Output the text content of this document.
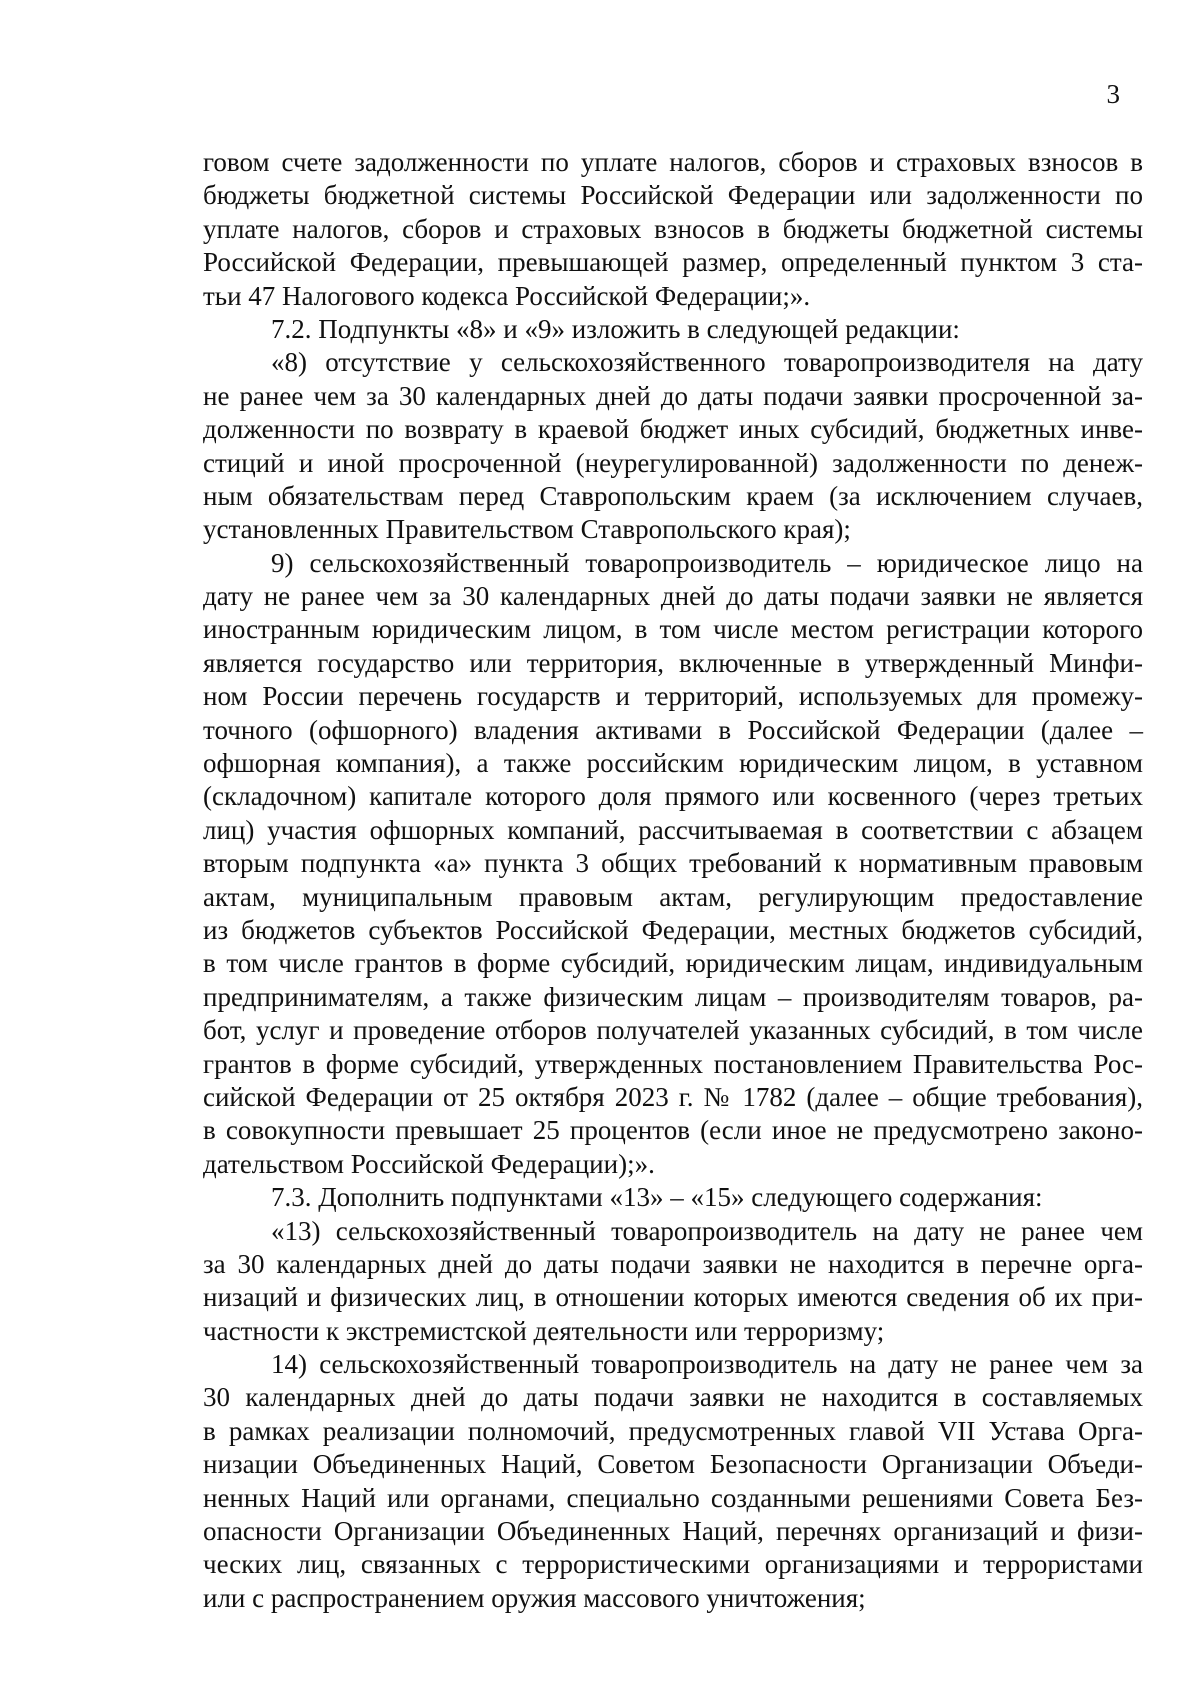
3
говом счете задолженности по уплате налогов, сборов и страховых взносов в
бюджеты бюджетной системы Российской Федерации или задолженности по
уплате налогов, сборов и страховых взносов в бюджеты бюджетной системы
Российской Федерации, превышающей размер, определенный пунктом 3 ста-
тьи 47 Налогового кодекса Российской Федерации;».
7.2. Подпункты «8» и «9» изложить в следующей редакции:
«8) отсутствие у сельскохозяйственного товаропроизводителя на дату
не ранее чем за 30 календарных дней до даты подачи заявки просроченной за-
долженности по возврату в краевой бюджет иных субсидий, бюджетных инве-
стиций и иной просроченной (неурегулированной) задолженности по денеж-
ным обязательствам перед Ставропольским краем (за исключением случаев,
установленных Правительством Ставропольского края);
9) сельскохозяйственный товаропроизводитель – юридическое лицо на
дату не ранее чем за 30 календарных дней до даты подачи заявки не является
иностранным юридическим лицом, в том числе местом регистрации которого
является государство или территория, включенные в утвержденный Минфи-
ном России перечень государств и территорий, используемых для промежу-
точного (офшорного) владения активами в Российской Федерации (далее –
офшорная компания), а также российским юридическим лицом, в уставном
(складочном) капитале которого доля прямого или косвенного (через третьих
лиц) участия офшорных компаний, рассчитываемая в соответствии с абзацем
вторым подпункта «а» пункта 3 общих требований к нормативным правовым
актам, муниципальным правовым актам, регулирующим предоставление
из бюджетов субъектов Российской Федерации, местных бюджетов субсидий,
в том числе грантов в форме субсидий, юридическим лицам, индивидуальным
предпринимателям, а также физическим лицам – производителям товаров, ра-
бот, услуг и проведение отборов получателей указанных субсидий, в том числе
грантов в форме субсидий, утвержденных постановлением Правительства Рос-
сийской Федерации от 25 октября 2023 г. № 1782 (далее – общие требования),
в совокупности превышает 25 процентов (если иное не предусмотрено законо-
дательством Российской Федерации);».
7.3. Дополнить подпунктами «13» – «15» следующего содержания:
«13) сельскохозяйственный товаропроизводитель на дату не ранее чем
за 30 календарных дней до даты подачи заявки не находится в перечне орга-
низаций и физических лиц, в отношении которых имеются сведения об их при-
частности к экстремистской деятельности или терроризму;
14) сельскохозяйственный товаропроизводитель на дату не ранее чем за
30 календарных дней до даты подачи заявки не находится в составляемых
в рамках реализации полномочий, предусмотренных главой VII Устава Орга-
низации Объединенных Наций, Советом Безопасности Организации Объеди-
ненных Наций или органами, специально созданными решениями Совета Без-
опасности Организации Объединенных Наций, перечнях организаций и физи-
ческих лиц, связанных с террористическими организациями и террористами
или с распространением оружия массового уничтожения;
